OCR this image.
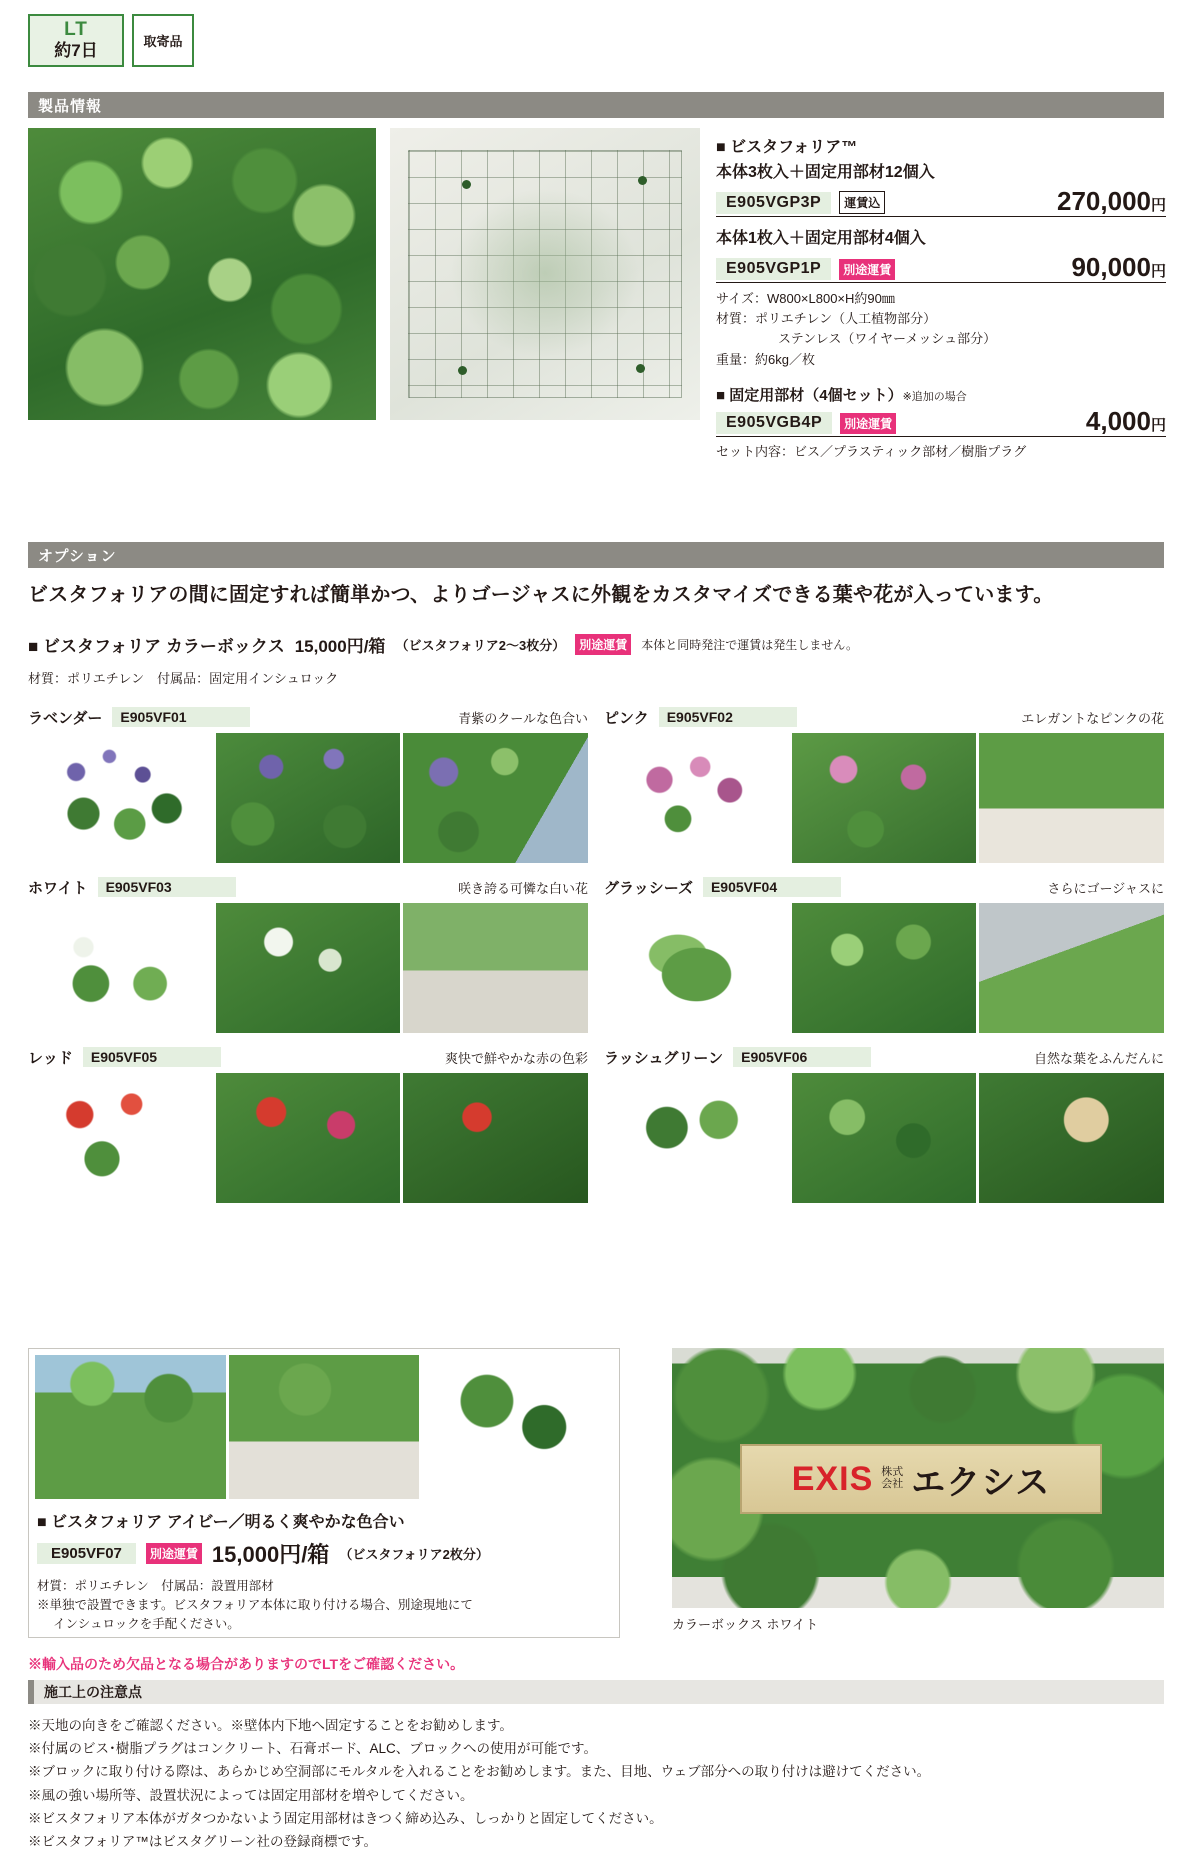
LT
約7日	取寄品
製品情報
■ ビスタフォリア™
本体3枚入＋固定用部材12個入
E905VGP3P	運賃込	270,000円
本体1枚入＋固定用部材4個入
E905VGP1P	別途運賃	90,000円
サイズ：W800×L800×H約90㎜
材質：ポリエチレン（人工植物部分）
ステンレス（ワイヤーメッシュ部分）
重量：約6kg／枚
■ 固定用部材（4個セット）※追加の場合
E905VGB4P	別途運賃	4,000円
セット内容：ビス／プラスティック部材／樹脂プラグ
オプション
ビスタフォリアの間に固定すれば簡単かつ、よりゴージャスに外観をカスタマイズできる葉や花が入っています。
■ ビスタフォリア カラーボックス 15,000円/箱 （ビスタフォリア2〜3枚分）	別途運賃	本体と同時発注で運賃は発生しません。
材質：ポリエチレン　付属品：固定用インシュロック
ラベンダー	E905VF01	青紫のクールな色合い ピンク	E905VF02	エレガントなピンクの花
ホワイト	E905VF03	咲き誇る可憐な白い花 グラッシーズ	E905VF04	さらにゴージャスに
レッド	E905VF05	爽快で鮮やかな赤の色彩 ラッシュグリーン	E905VF06	自然な葉をふんだんに
■ ビスタフォリア アイビー／明るく爽やかな色合い
E905VF07	別途運賃 15,000円/箱 （ビスタフォリア2枚分）
材質：ポリエチレン　付属品：設置用部材
※単独で設置できます。ビスタフォリア本体に取り付ける場合、別途現地にて
インシュロックを手配ください。
EXIS 株式
会社 エクシス
カラーボックス ホワイト
※輸入品のため欠品となる場合がありますのでLTをご確認ください。
施工上の注意点
※天地の向きをご確認ください。※壁体内下地へ固定することをお勧めします。
※付属のビス･樹脂プラグはコンクリート、石膏ボード、ALC、ブロックへの使用が可能です。
※ブロックに取り付ける際は、あらかじめ空洞部にモルタルを入れることをお勧めします。また、目地、ウェブ部分への取り付けは避けてください。
※風の強い場所等、設置状況によっては固定用部材を増やしてください。
※ビスタフォリア本体がガタつかないよう固定用部材はきつく締め込み、しっかりと固定してください。
※ビスタフォリア™はビスタグリーン社の登録商標です。
